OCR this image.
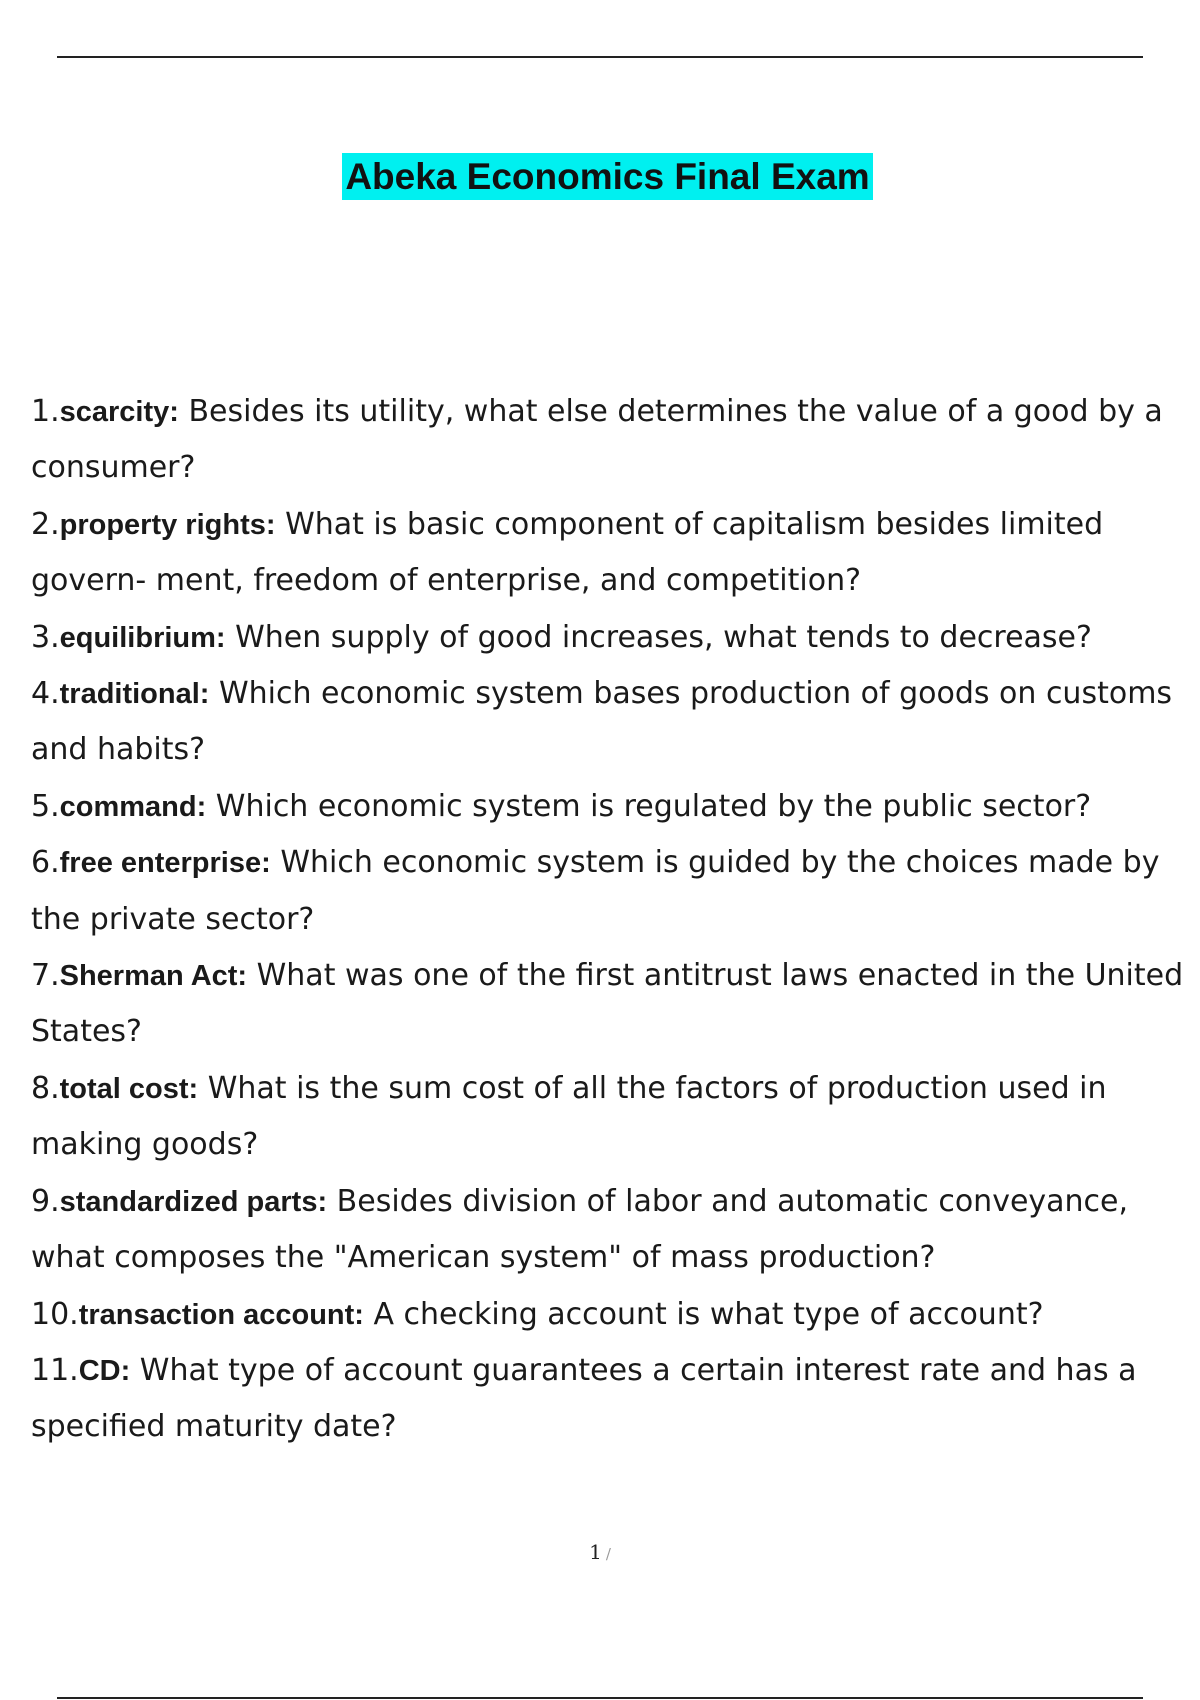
Abeka Economics Final Exam
1.scarcity: Besides its utility, what else determines the value of a good by a consumer?
2.property rights: What is basic component of capitalism besides limited govern- ment, freedom of enterprise, and competition?
3.equilibrium: When supply of good increases, what tends to decrease?
4.traditional: Which economic system bases production of goods on customs and habits?
5.command: Which economic system is regulated by the public sector?
6.free enterprise: Which economic system is guided by the choices made by the private sector?
7.Sherman Act: What was one of the first antitrust laws enacted in the United States?
8.total cost: What is the sum cost of all the factors of production used in making goods?
9.standardized parts: Besides division of labor and automatic conveyance, what composes the "American system" of mass production?
10.transaction account: A checking account is what type of account?
11.CD: What type of account guarantees a certain interest rate and has a specified maturity date?
1 /
